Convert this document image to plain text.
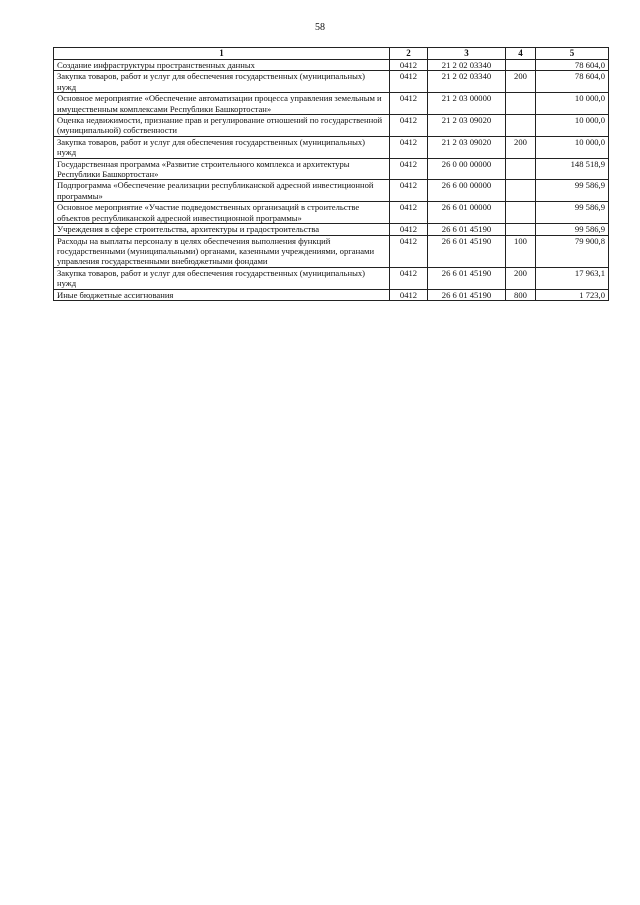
58
1	2	3	4	5
Создание инфраструктуры пространственных данных	0412	21 2 02 03340		78 604,0
Закупка товаров, работ и услуг для обеспечения государственных (муниципальных) нужд	0412	21 2 02 03340	200	78 604,0
Основное мероприятие «Обеспечение автоматизации процесса управления земельным и имущественным комплексами Республики Башкортостан»	0412	21 2 03 00000		10 000,0
Оценка недвижимости, признание прав и регулирование отношений по государственной (муниципальной) собственности	0412	21 2 03 09020		10 000,0
Закупка товаров, работ и услуг для обеспечения государственных (муниципальных) нужд	0412	21 2 03 09020	200	10 000,0
Государственная программа «Развитие строительного комплекса и архитектуры Республики Башкортостан»	0412	26 0 00 00000		148 518,9
Подпрограмма «Обеспечение реализации республиканской адресной инвестиционной программы»	0412	26 6 00 00000		99 586,9
Основное мероприятие «Участие подведомственных организаций в строительстве объектов республиканской адресной инвестиционной программы»	0412	26 6 01 00000		99 586,9
Учреждения в сфере строительства, архитектуры и градостроительства	0412	26 6 01 45190		99 586,9
Расходы на выплаты персоналу в целях обеспечения выполнения функций государственными (муниципальными) органами, казенными учреждениями, органами управления государственными внебюджетными фондами	0412	26 6 01 45190	100	79 900,8
Закупка товаров, работ и услуг для обеспечения государственных (муниципальных) нужд	0412	26 6 01 45190	200	17 963,1
Иные бюджетные ассигнования	0412	26 6 01 45190	800	1 723,0
